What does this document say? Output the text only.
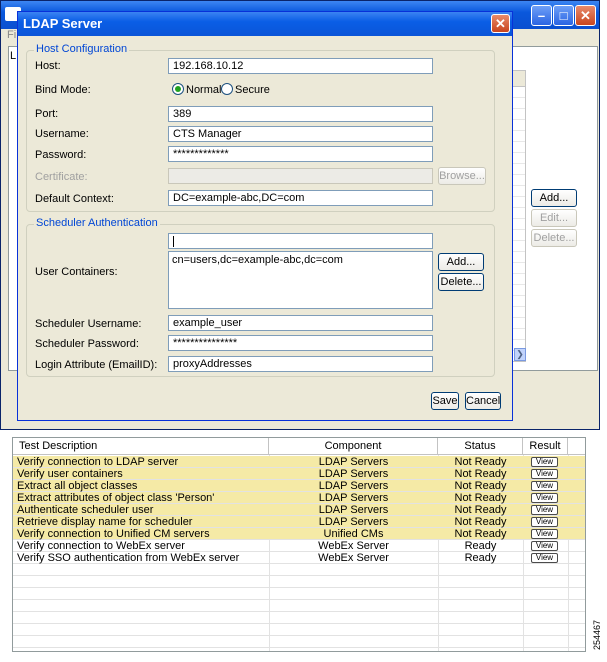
–	□ ✕
Fi
L
❯
Add...
Edit...
Delete...
LDAP Server	✕
Host Configuration
Host:	192.168.10.12
Bind Mode:	Normal Secure
Port:	389
Username:	CTS Manager
Password:	*************
Certificate:	Browse...
Default Context:	DC=example-abc,DC=com
Scheduler Authentication
User Containers:
cn=users,dc=example-abc,dc=com	Add...
Delete...
Scheduler Username:	example_user
Scheduler Password:	***************
Login Attribute (EmailID):	proxyAddresses
Save Cancel
Test Description	Component	Status	Result
Verify connection to LDAP server	LDAP Servers	Not Ready	View
Verify user containers	LDAP Servers	Not Ready	View
Extract all object classes	LDAP Servers	Not Ready	View
Extract attributes of object class 'Person'	LDAP Servers	Not Ready	View
Authenticate scheduler user	LDAP Servers	Not Ready	View
Retrieve display name for scheduler	LDAP Servers	Not Ready	View
Verify connection to Unified CM servers	Unified CMs	Not Ready	View
Verify connection to WebEx server	WebEx Server	Ready	View
Verify SSO authentication from WebEx server	WebEx Server	Ready	View
254467
